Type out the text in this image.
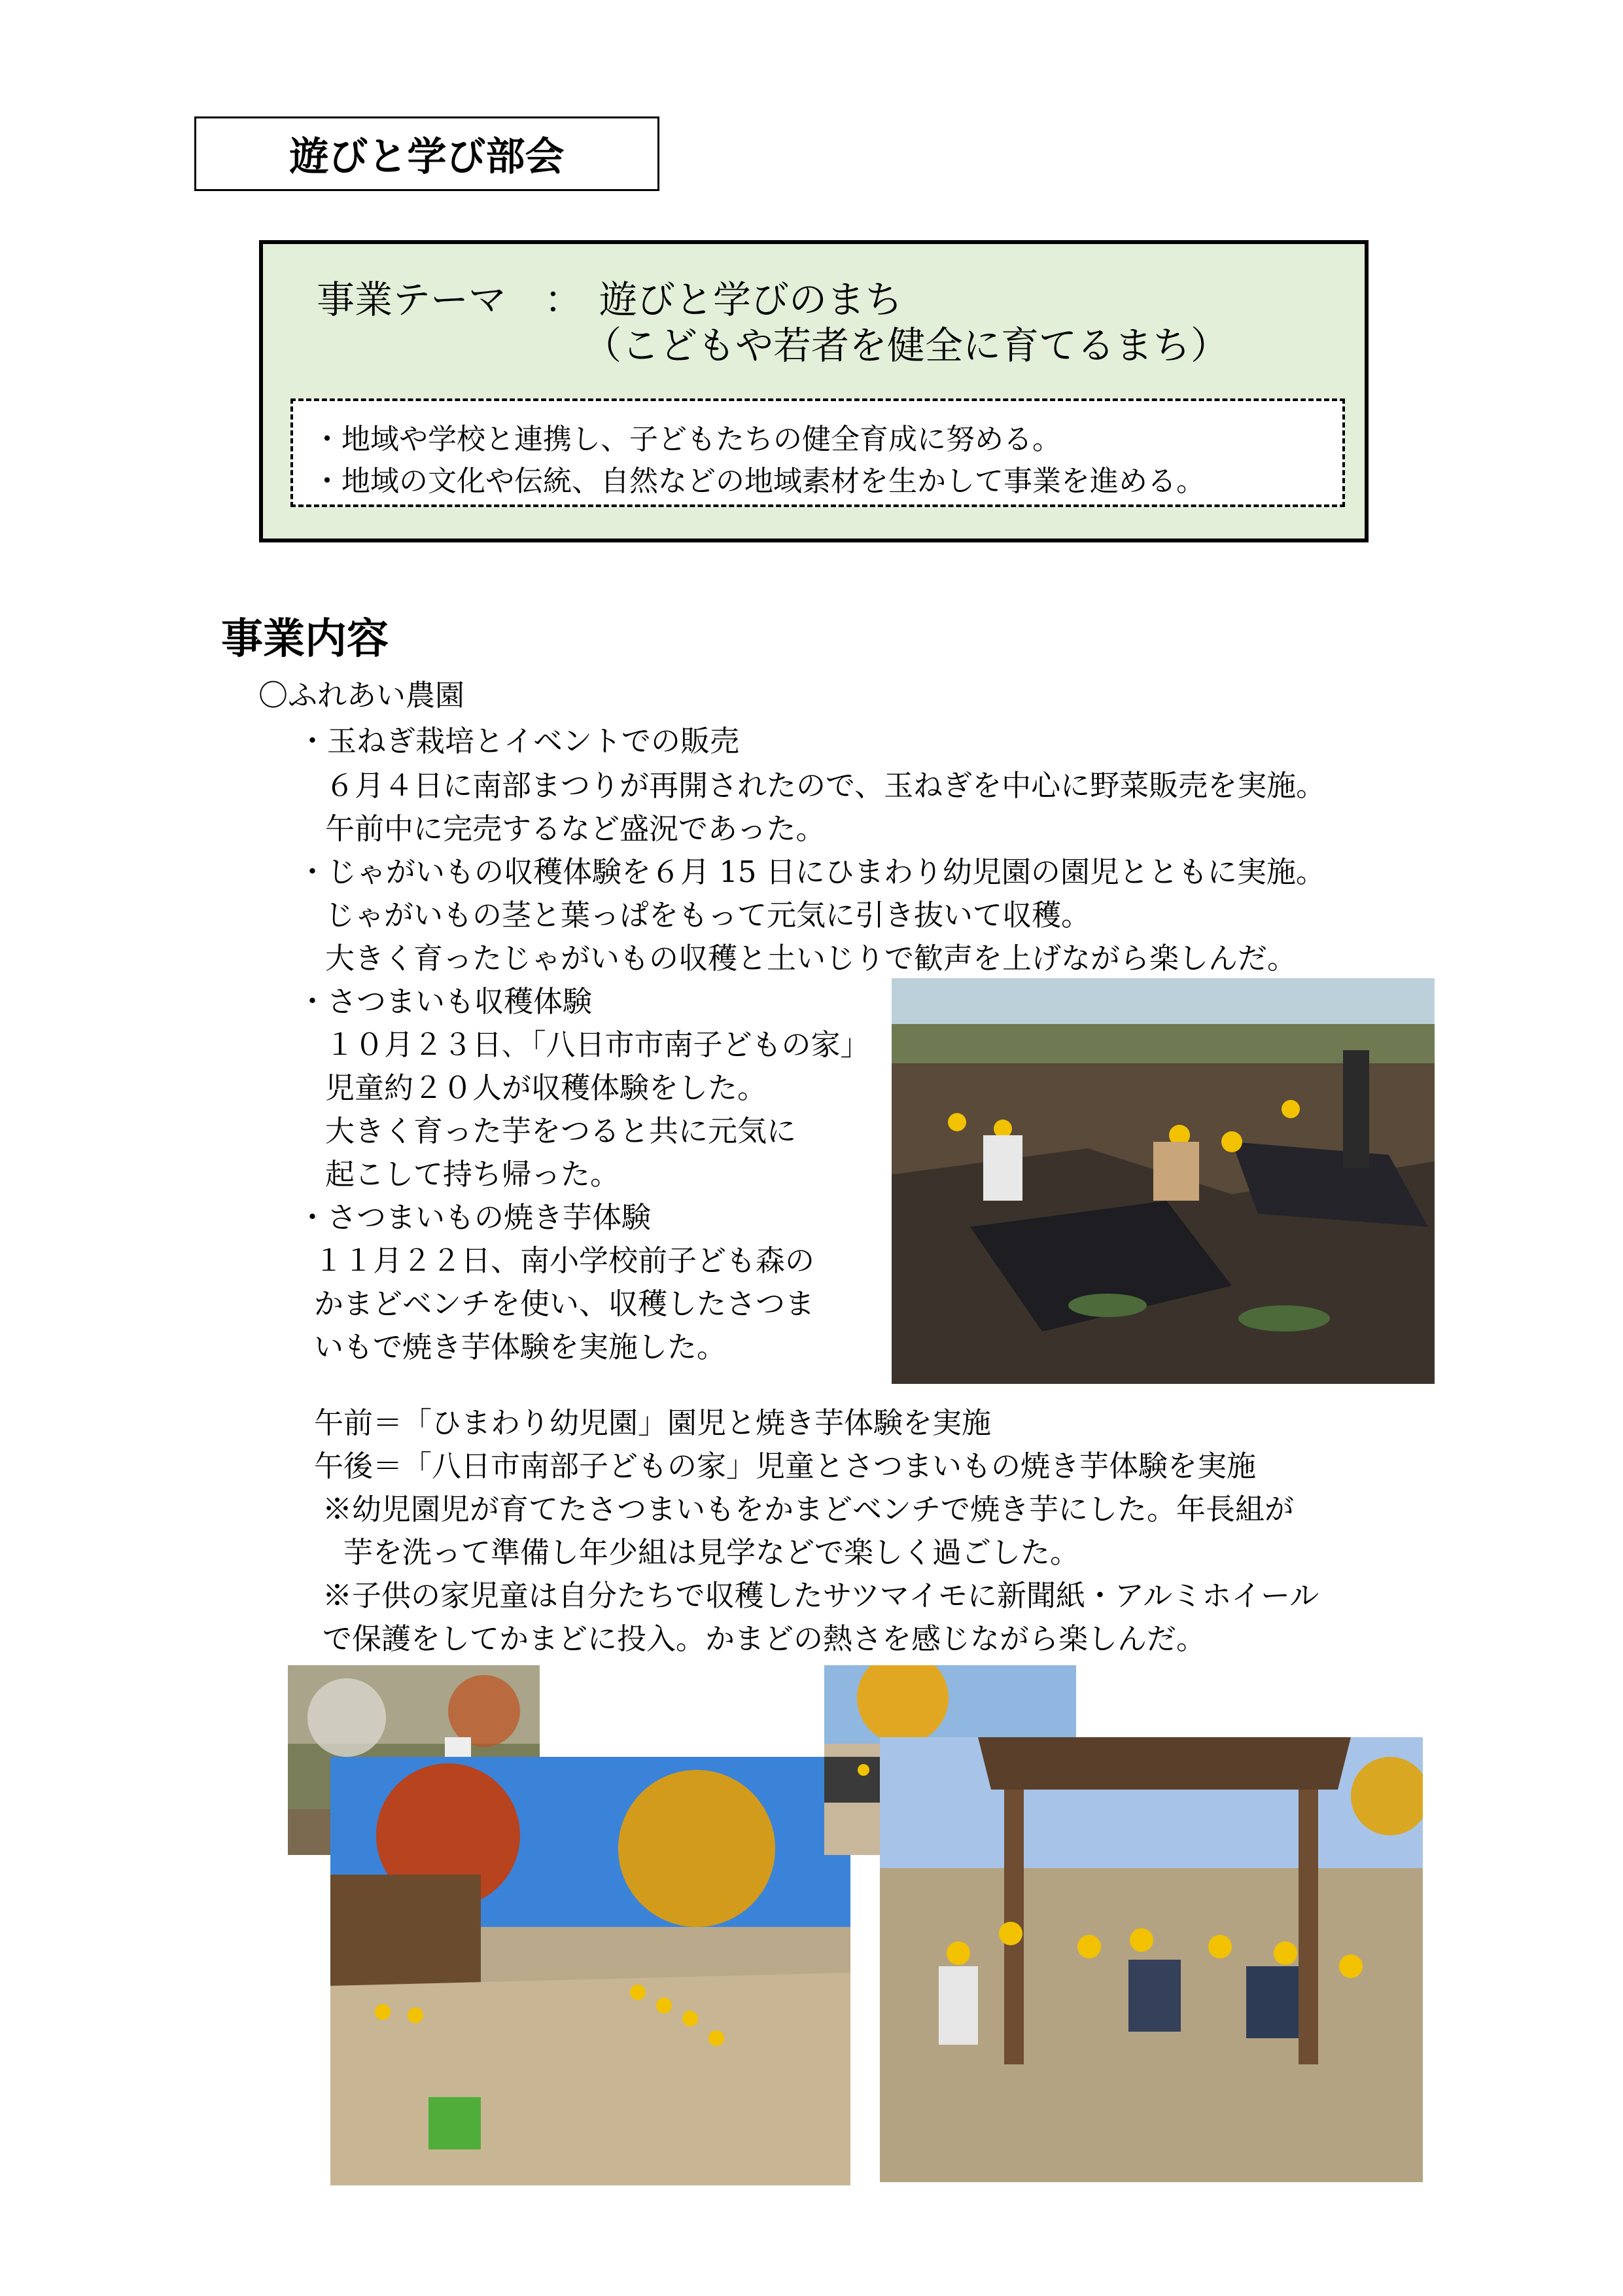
遊びと学び部会
事業テーマ ： 遊びと学びのまち
（こどもや若者を健全に育てるまち）
・地域や学校と連携し、子どもたちの健全育成に努める。
・地域の文化や伝統、自然などの地域素材を生かして事業を進める。
事業内容
〇ふれあい農園
・玉ねぎ栽培とイベントでの販売
６月４日に南部まつりが再開されたので、玉ねぎを中心に野菜販売を実施。
午前中に完売するなど盛況であった。
・じゃがいもの収穫体験を６月 15 日にひまわり幼児園の園児とともに実施。
じゃがいもの茎と葉っぱをもって元気に引き抜いて収穫。
大きく育ったじゃがいもの収穫と土いじりで歓声を上げながら楽しんだ。
・さつまいも収穫体験
１０月２３日､「八日市市南子どもの家」
児童約２０人が収穫体験をした。
大きく育った芋をつると共に元気に
起こして持ち帰った。
・さつまいもの焼き芋体験
１１月２２日、南小学校前子ども森の
かまどベンチを使い、収穫したさつま
いもで焼き芋体験を実施した。
午前＝「ひまわり幼児園」園児と焼き芋体験を実施
午後＝「八日市南部子どもの家」児童とさつまいもの焼き芋体験を実施
※幼児園児が育てたさつまいもをかまどベンチで焼き芋にした。年長組が
芋を洗って準備し年少組は見学などで楽しく過ごした。
※子供の家児童は自分たちで収穫したサツマイモに新聞紙・アルミホイール
で保護をしてかまどに投入。かまどの熱さを感じながら楽しんだ。
